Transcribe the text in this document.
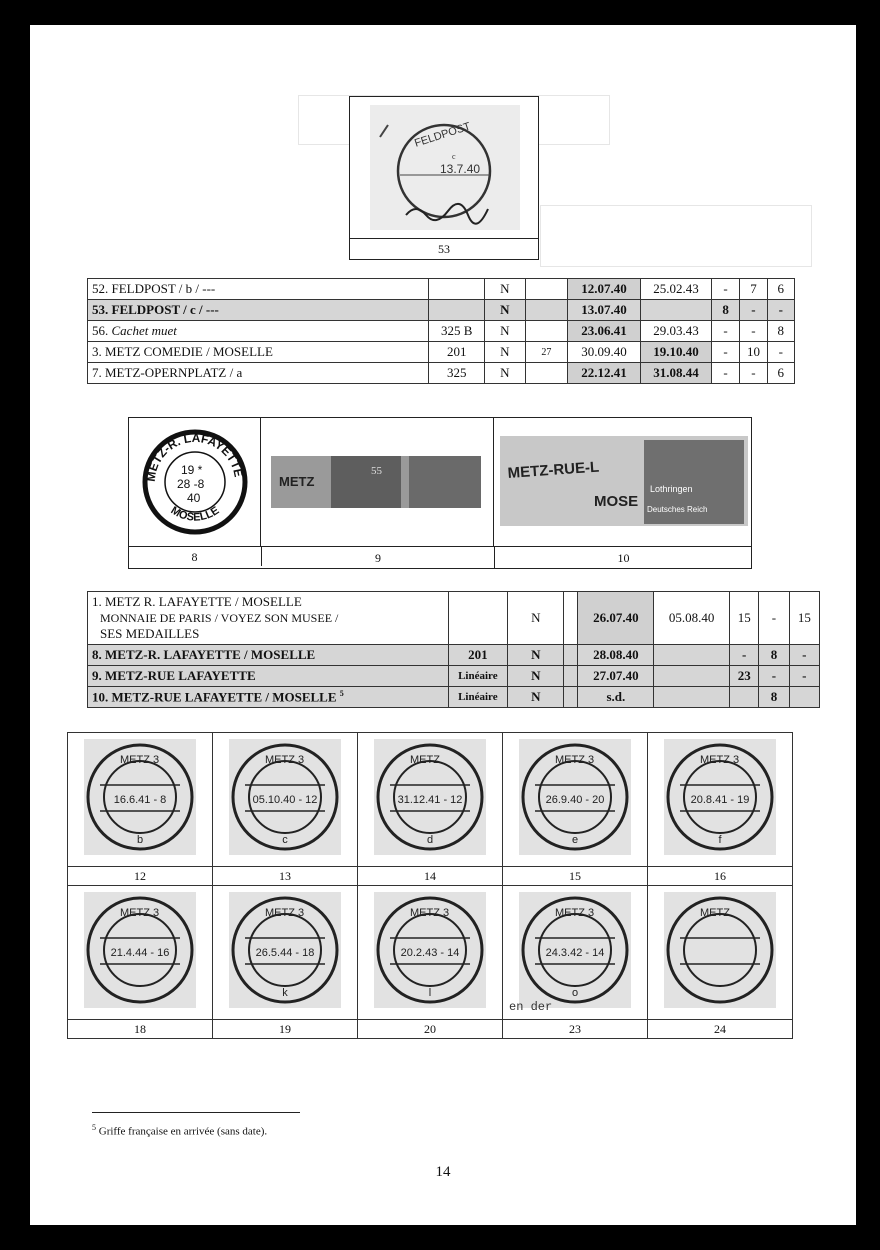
FELDPOST
c
13.7.40
53
52. FELDPOST / b / ---		N		12.07.40	25.02.43	-	7	6
53. FELDPOST / c / ---		N		13.07.40		8	-	-
56. Cachet muet	325 B	N		23.06.41	29.03.43	-	-	8
3. METZ COMEDIE / MOSELLE	201	N	27	30.09.40	19.10.40	-	10	-
7. METZ-OPERNPLATZ / a	325	N		22.12.41	31.08.44	-	-	6
METZ-R. LAFAYETTE
19 *
28 -8
40
MOSELLE
METZ
55	METZ-RUE-L
MOSE
Lothringen
Deutsches Reich
8	9	10
1. METZ R. LAFAYETTE / MOSELLE
MONNAIE DE PARIS / VOYEZ SON MUSEE /
SES MEDAILLES		N		26.07.40	05.08.40	15	-	15
8. METZ-R. LAFAYETTE / MOSELLE	201	N		28.08.40		-	8	-
9. METZ-RUE LAFAYETTE	Linéaire	N		27.07.40		23	-	-
10. METZ-RUE LAFAYETTE / MOSELLE $^5$	Linéaire	N		s.d.			8	
METZ 3
16.6.41 - 8
b
12	METZ 3
05.10.40 - 12
c
13	METZ
31.12.41 - 12
d
14	METZ 3
26.9.40 - 20
e
15	METZ 3
20.8.41 - 19
f
16

METZ 3
21.4.44 - 16
18	METZ 3
26.5.44 - 18
k
19	METZ 3
20.2.43 - 14
l
20	METZ 3
24.3.42 - 14
o
en der
23	METZ
24
$^5$ Griffe française en arrivée (sans date).
14
www.philabooks.com
